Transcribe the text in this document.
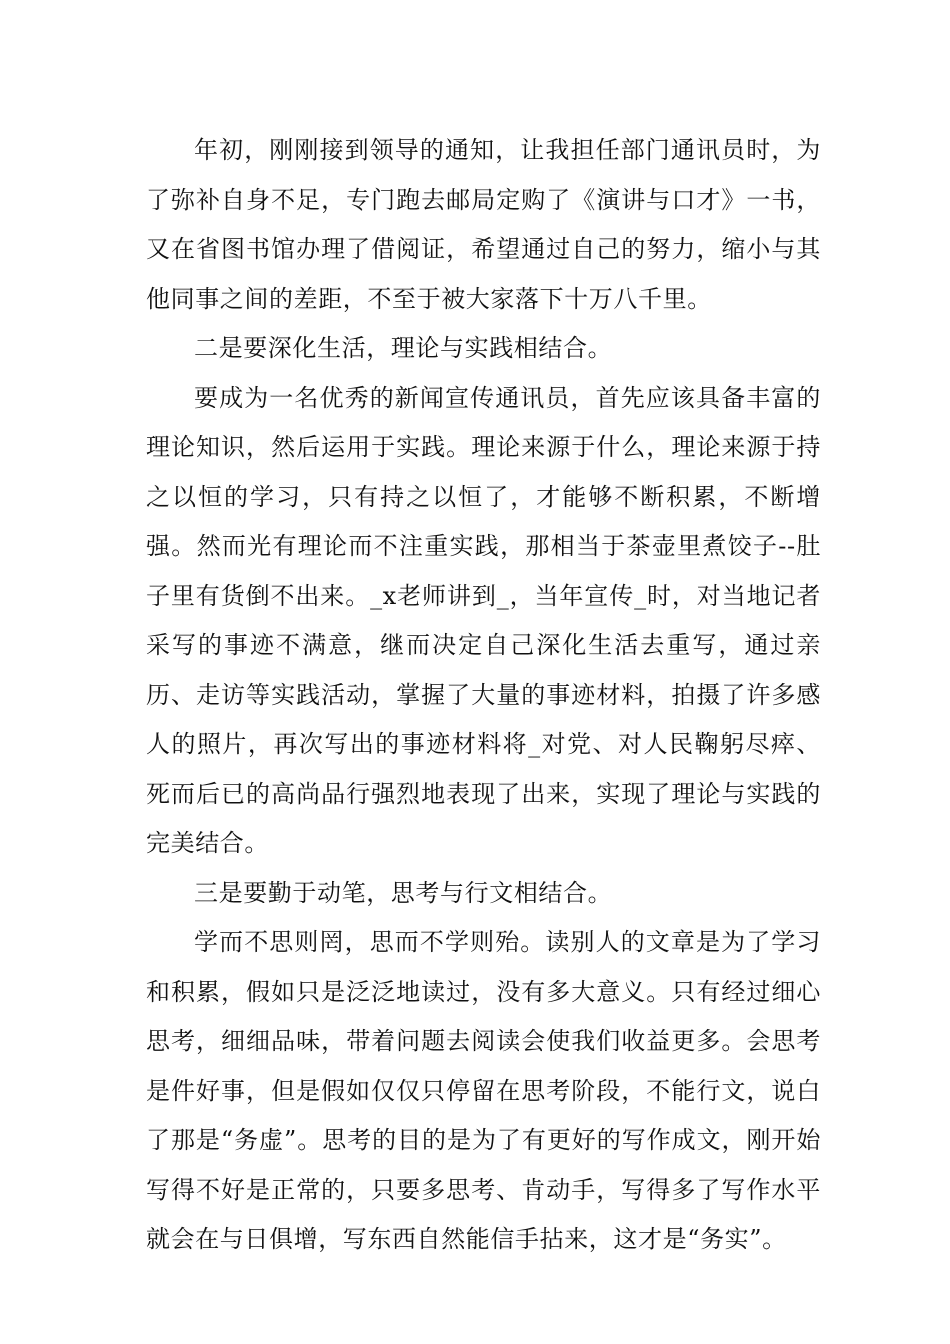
年初，刚刚接到领导的通知，让我担任部门通讯员时，为了弥补自身不足，专门跑去邮局定购了《演讲与口才》一书，又在省图书馆办理了借阅证，希望通过自己的努力，缩小与其他同事之间的差距，不至于被大家落下十万八千里。

二是要深化生活，理论与实践相结合。

要成为一名优秀的新闻宣传通讯员，首先应该具备丰富的理论知识，然后运用于实践。理论来源于什么，理论来源于持之以恒的学习，只有持之以恒了，才能够不断积累，不断增强。然而光有理论而不注重实践，那相当于茶壶里煮饺子--肚子里有货倒不出来。_x老师讲到_，当年宣传_时，对当地记者采写的事迹不满意，继而决定自己深化生活去重写，通过亲历、走访等实践活动，掌握了大量的事迹材料，拍摄了许多感人的照片，再次写出的事迹材料将_对党、对人民鞠躬尽瘁、死而后已的高尚品行强烈地表现了出来，实现了理论与实践的完美结合。

三是要勤于动笔，思考与行文相结合。

学而不思则罔，思而不学则殆。读别人的文章是为了学习和积累，假如只是泛泛地读过，没有多大意义。只有经过细心思考，细细品味，带着问题去阅读会使我们收益更多。会思考是件好事，但是假如仅仅只停留在思考阶段，不能行文，说白了那是“务虚”。思考的目的是为了有更好的写作成文，刚开始写得不好是正常的，只要多思考、肯动手，写得多了写作水平就会在与日俱增，写东西自然能信手拈来，这才是“务实”。
